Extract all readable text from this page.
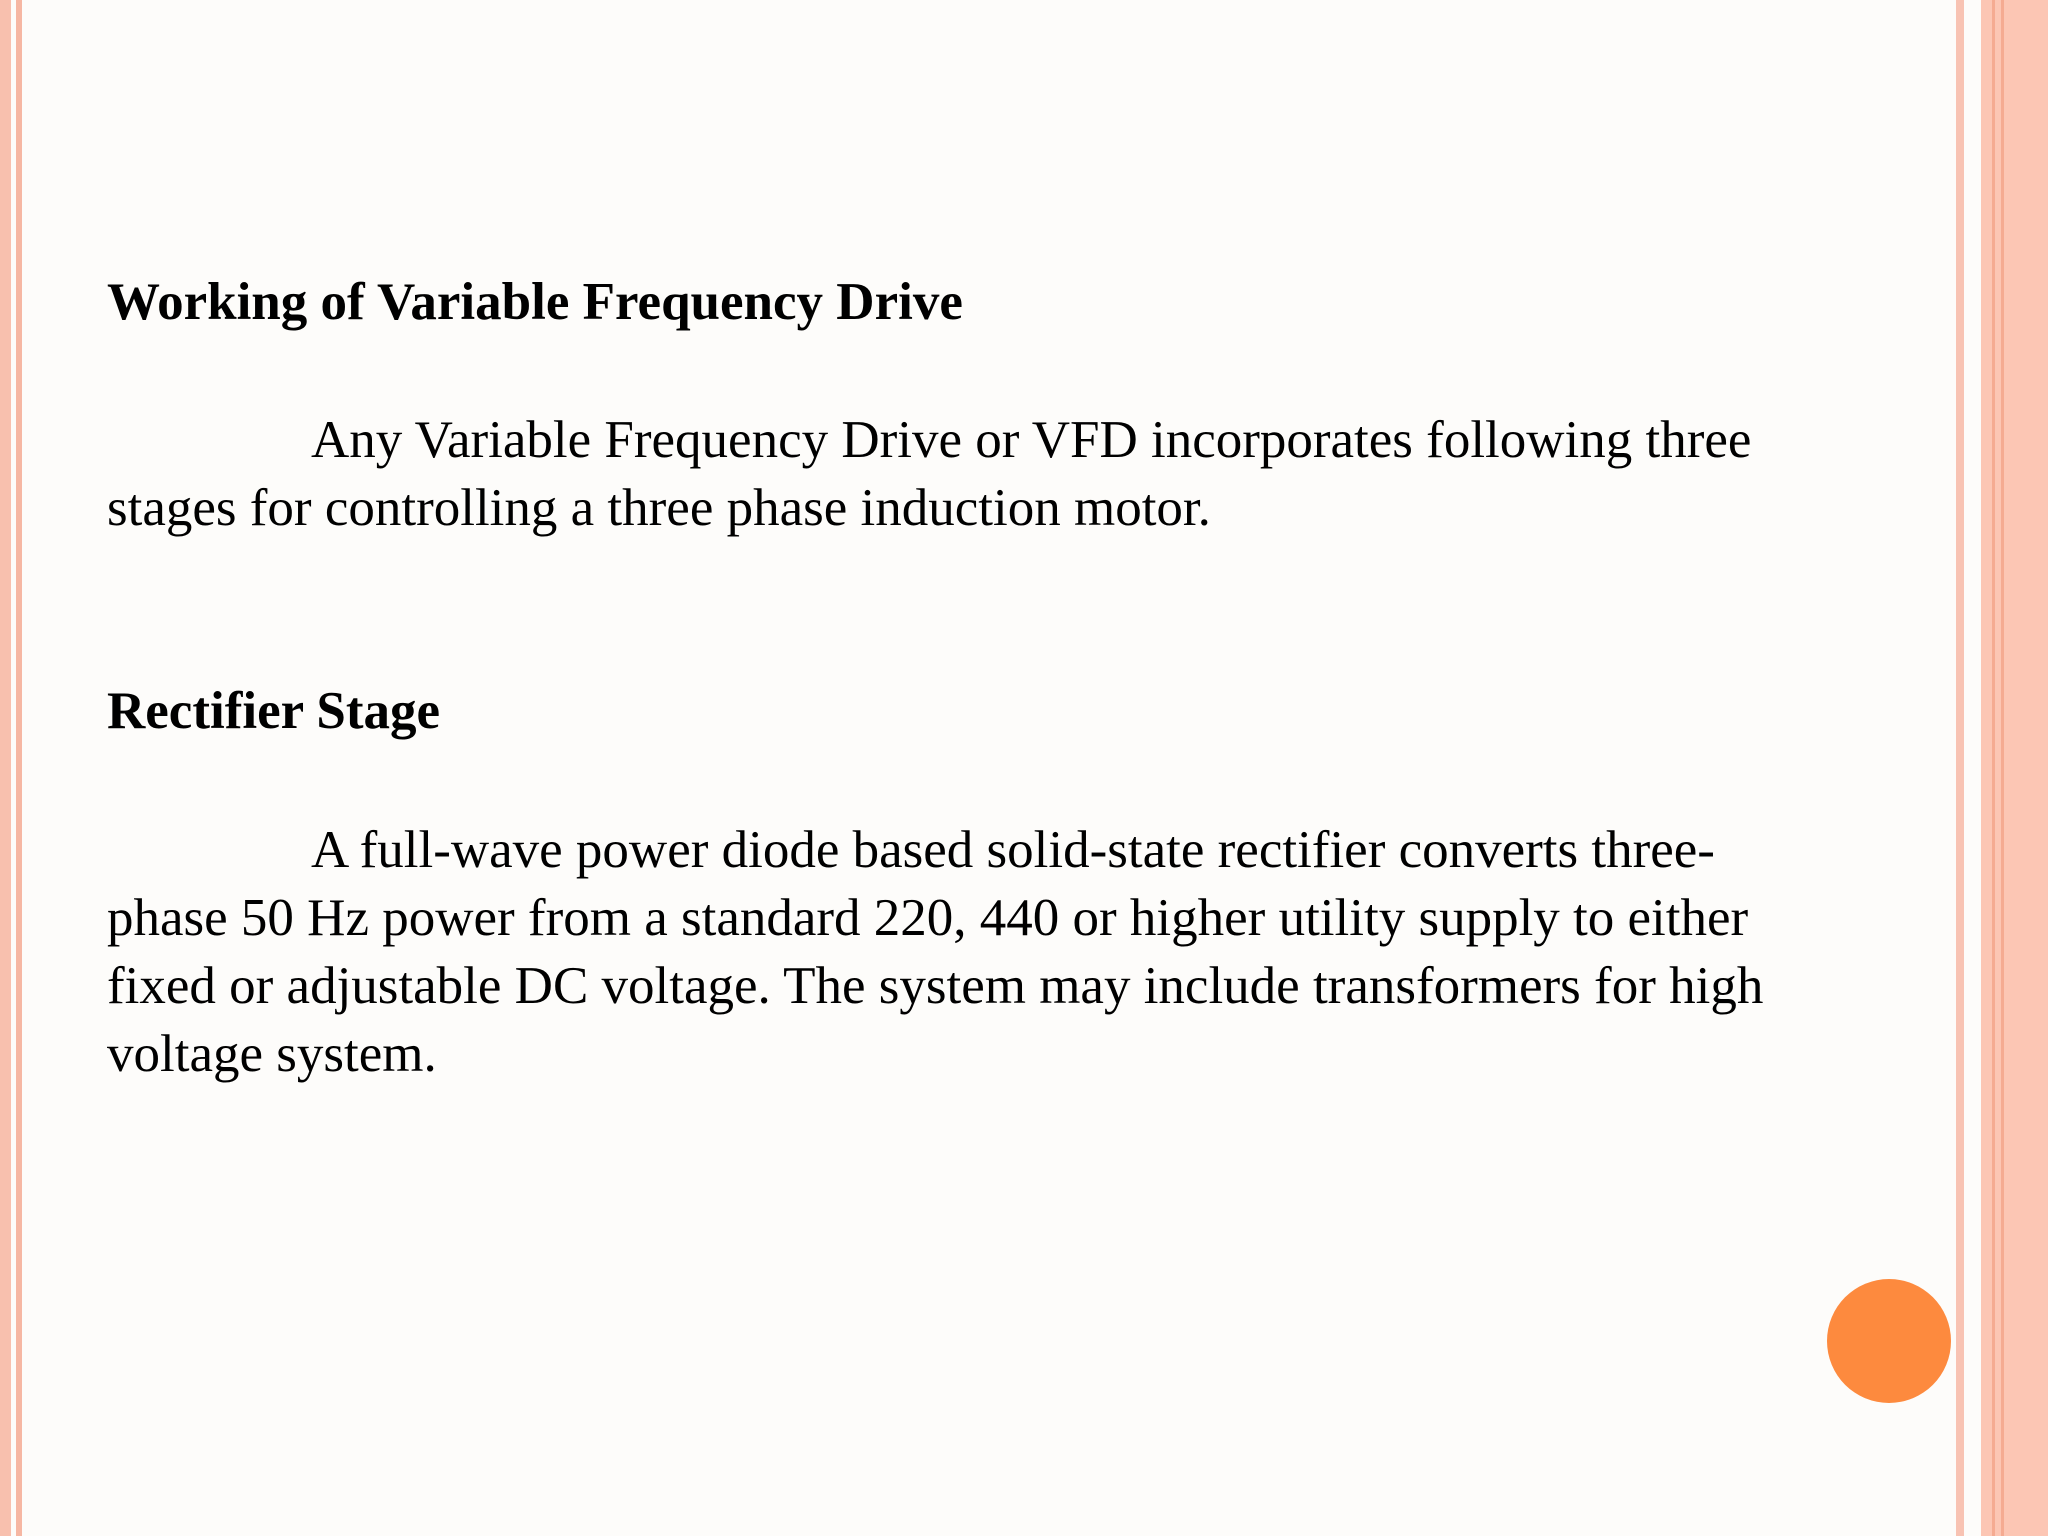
Working of Variable Frequency Drive

Any Variable Frequency Drive or VFD incorporates following three
stages for controlling a three phase induction motor.

Rectifier Stage

A full-wave power diode based solid-state rectifier converts three-
phase 50 Hz power from a standard 220, 440 or higher utility supply to either
fixed or adjustable DC voltage. The system may include transformers for high
voltage system.
